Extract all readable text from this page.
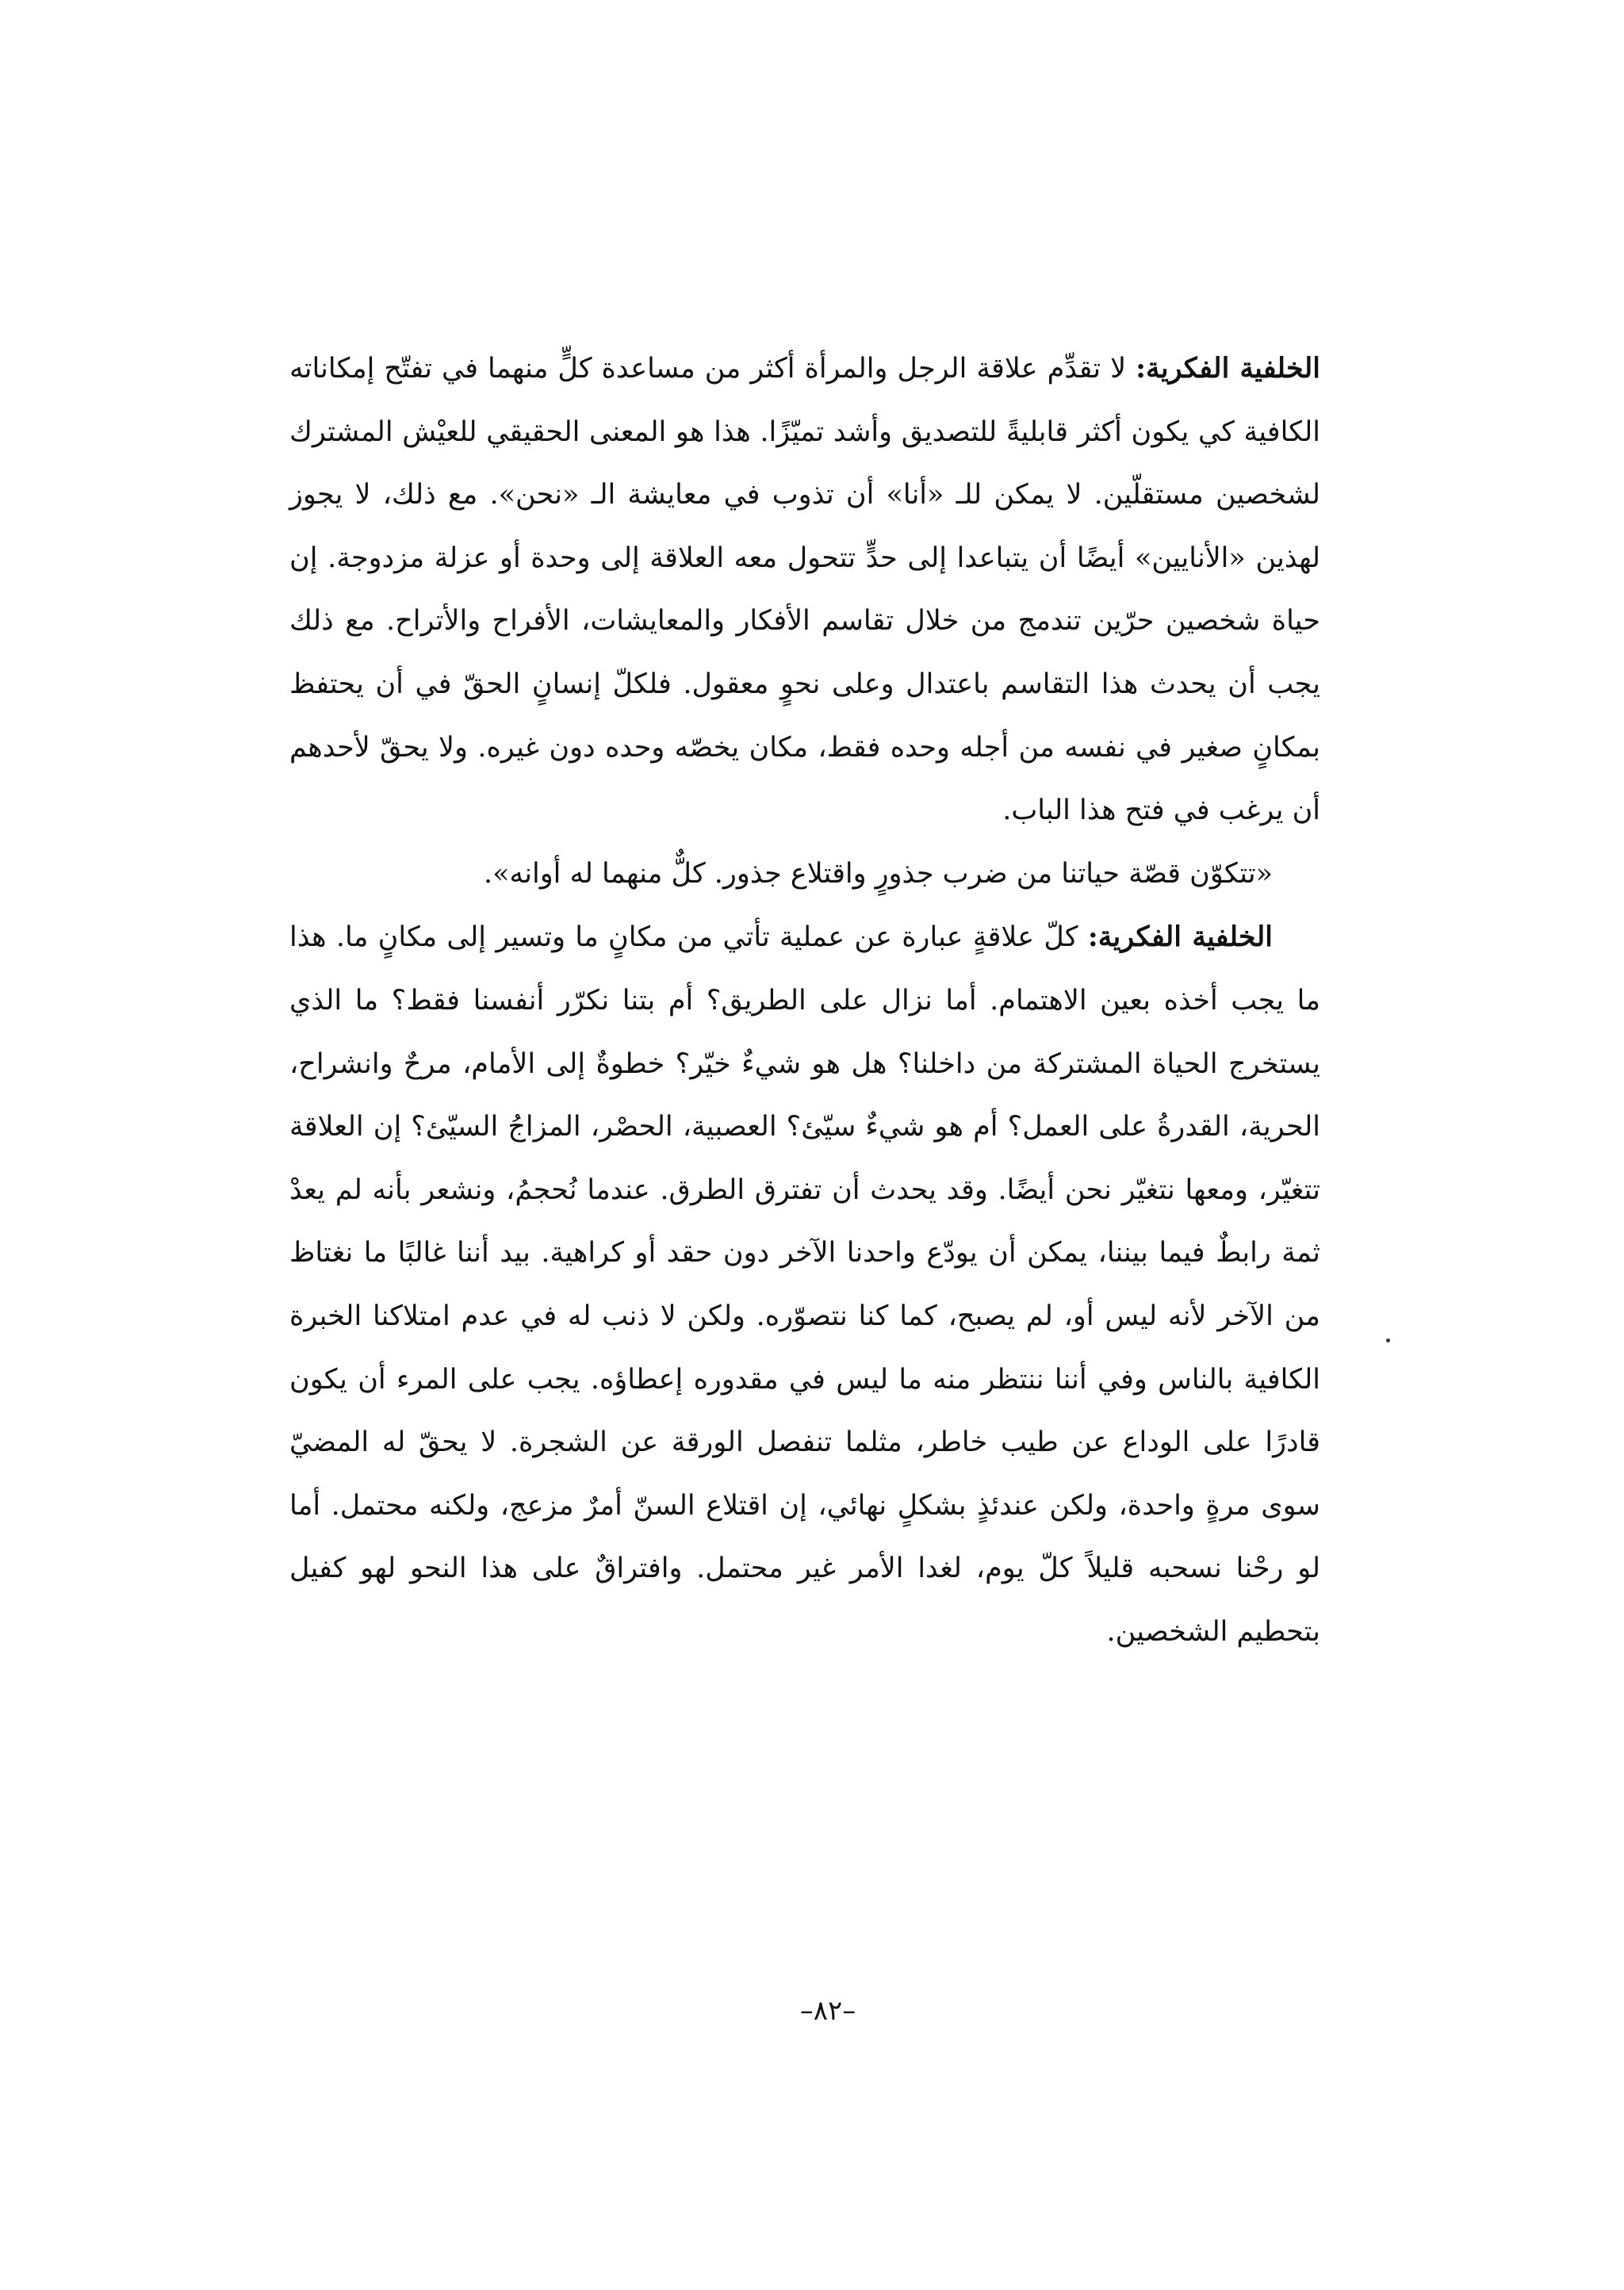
الخلفية الفكرية: لا تقدِّم علاقة الرجل والمرأة أكثر من مساعدة كلٍّ منهما في تفتّح إمكاناته الكافية كي يكون أكثر قابليةً للتصديق وأشد تميّزًا. هذا هو المعنى الحقيقي للعيْش المشترك لشخصين مستقلّين. لا يمكن للـ «أنا» أن تذوب في معايشة الـ «نحن». مع ذلك، لا يجوز لهذين «الأنايين» أيضًا أن يتباعدا إلى حدٍّ تتحول معه العلاقة إلى وحدة أو عزلة مزدوجة. إن حياة شخصين حرّين تندمج من خلال تقاسم الأفكار والمعايشات، الأفراح والأتراح. مع ذلك يجب أن يحدث هذا التقاسم باعتدال وعلى نحوٍ معقول. فلكلّ إنسانٍ الحقّ في أن يحتفظ بمكانٍ صغير في نفسه من أجله وحده فقط، مكان يخصّه وحده دون غيره. ولا يحقّ لأحدهم أن يرغب في فتح هذا الباب.

«تتكوّن قصّة حياتنا من ضرب جذورٍ واقتلاع جذور. كلٌّ منهما له أوانه».

الخلفية الفكرية: كلّ علاقةٍ عبارة عن عملية تأتي من مكانٍ ما وتسير إلى مكانٍ ما. هذا ما يجب أخذه بعين الاهتمام. أما نزال على الطريق؟ أم بتنا نكرّر أنفسنا فقط؟ ما الذي يستخرج الحياة المشتركة من داخلنا؟ هل هو شيءٌ خيّر؟ خطوةٌ إلى الأمام، مرحٌ وانشراح، الحرية، القدرةُ على العمل؟ أم هو شيءٌ سيّئ؟ العصبية، الحصْر، المزاجُ السيّئ؟ إن العلاقة تتغيّر، ومعها نتغيّر نحن أيضًا. وقد يحدث أن تفترق الطرق. عندما نُحجمُ، ونشعر بأنه لم يعدْ ثمة رابطٌ فيما بيننا، يمكن أن يودّع واحدنا الآخر دون حقد أو كراهية. بيد أننا غالبًا ما نغتاظ من الآخر لأنه ليس أو، لم يصبح، كما كنا نتصوّره. ولكن لا ذنب له في عدم امتلاكنا الخبرة الكافية بالناس وفي أننا ننتظر منه ما ليس في مقدوره إعطاؤه. يجب على المرء أن يكون قادرًا على الوداع عن طيب خاطر، مثلما تنفصل الورقة عن الشجرة. لا يحقّ له المضيّ سوى مرةٍ واحدة، ولكن عندئذٍ بشكلٍ نهائي، إن اقتلاع السنّ أمرٌ مزعج، ولكنه محتمل. أما لو رحْنا نسحبه قليلاً كلّ يوم، لغدا الأمر غير محتمل. وافتراقٌ على هذا النحو لهو كفيل بتحطيم الشخصين.

–٨٢–
